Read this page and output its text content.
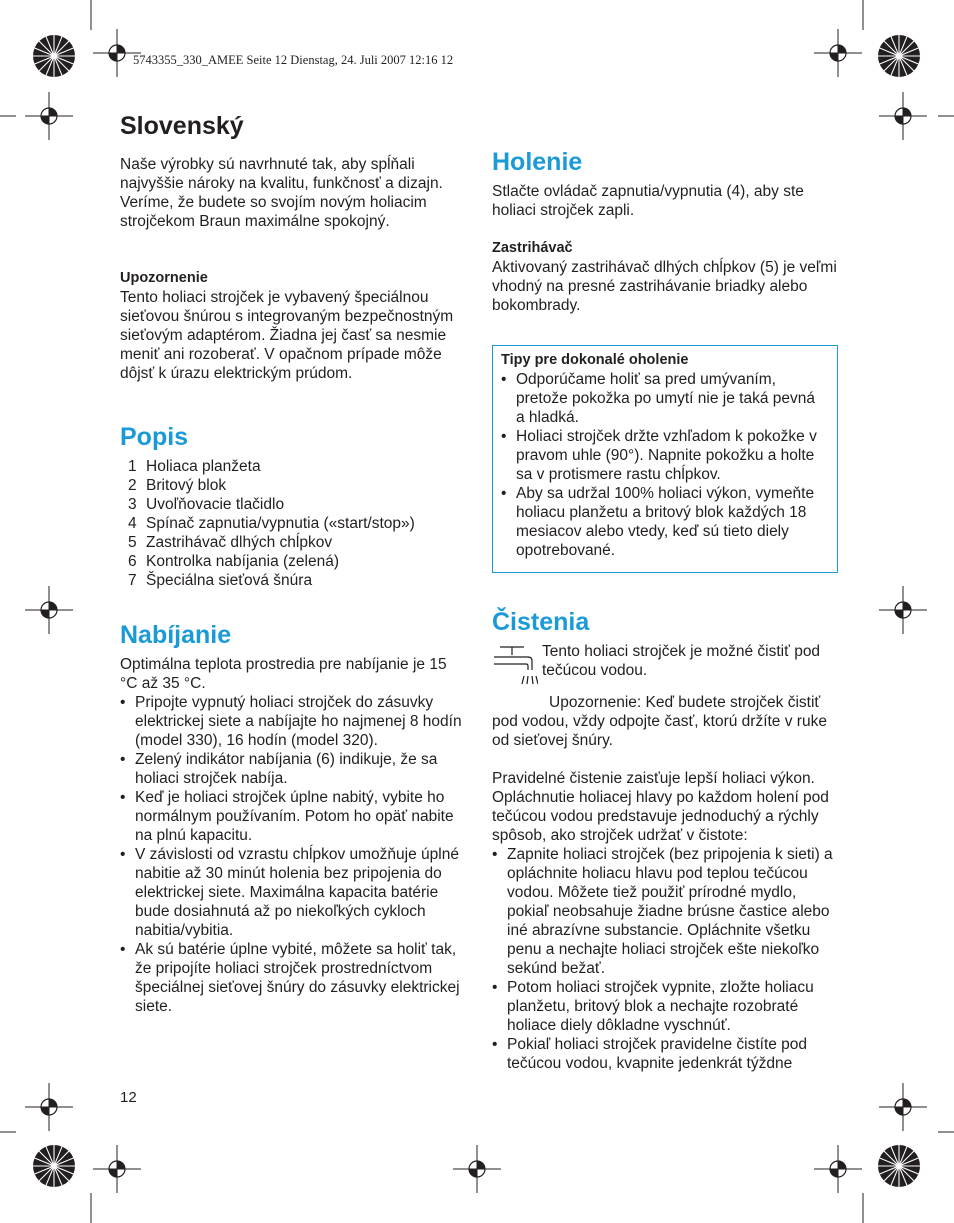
5743355_330_AMEE Seite 12 Dienstag, 24. Juli 2007 12:16 12
Slovenský

Naše výrobky sú navrhnuté tak, aby spĺňali najvyššie nároky na kvalitu, funkčnosť a dizajn. Veríme, že budete so svojím novým holiacim strojčekom Braun maximálne spokojný.

Upozornenie

Tento holiaci strojček je vybavený špeciálnou sieťovou šnúrou s integrovaným bezpečnostným sieťovým adaptérom. Žiadna jej časť sa nesmie meniť ani rozoberať. V opačnom prípade môže dôjsť k úrazu elektrickým prúdom.

Popis
1 Holiaca planžeta
2 Britový blok
3 Uvoľňovacie tlačidlo
4 Spínač zapnutia/vypnutia («start/stop»)
5 Zastrihávač dlhých chĺpkov
6 Kontrolka nabíjania (zelená)
7 Špeciálna sieťová šnúra
Nabíjanie

Optimálna teplota prostredia pre nabíjanie je 15 °C až 35 °C.

• Pripojte vypnutý holiaci strojček do zásuvky elektrickej siete a nabíjajte ho najmenej 8 hodín (model 330), 16 hodín (model 320).
• Zelený indikátor nabíjania (6) indikuje, že sa holiaci strojček nabíja.
• Keď je holiaci strojček úplne nabitý, vybite ho normálnym používaním. Potom ho opäť nabite na plnú kapacitu.
• V závislosti od vzrastu chĺpkov umožňuje úplné nabitie až 30 minút holenia bez pripojenia do elektrickej siete. Maximálna kapacita batérie bude dosiahnutá až po niekoľkých cykloch nabitia/vybitia.
• Ak sú batérie úplne vybité, môžete sa holiť tak, že pripojíte holiaci strojček prostredníctvom špeciálnej sieťovej šnúry do zásuvky elektrickej siete.
Holenie

Stlačte ovládač zapnutia/vypnutia (4), aby ste holiaci strojček zapli.

Zastrihávač

Aktivovaný zastrihávač dlhých chĺpkov (5) je veľmi vhodný na presné zastrihávanie briadky alebo bokombrady.

Tipy pre dokonalé oholenie

• Odporúčame holiť sa pred umývaním, pretože pokožka po umytí nie je taká pevná a hladká.
• Holiaci strojček držte vzhľadom k pokožke v pravom uhle (90°). Napnite pokožku a holte sa v protismere rastu chĺpkov.
• Aby sa udržal 100% holiaci výkon, vymeňte holiacu planžetu a britový blok každých 18 mesiacov alebo vtedy, keď sú tieto diely opotrebované.
Čistenia

Tento holiaci strojček je možné čistiť pod tečúcou vodou.

Upozornenie: Keď budete strojček čistiť pod vodou, vždy odpojte časť, ktorú držíte v ruke od sieťovej šnúry.

Pravidelné čistenie zaisťuje lepší holiaci výkon. Opláchnutie holiacej hlavy po každom holení pod tečúcou vodou predstavuje jednoduchý a rýchly spôsob, ako strojček udržať v čistote:

• Zapnite holiaci strojček (bez pripojenia k sieti) a opláchnite holiacu hlavu pod teplou tečúcou vodou. Môžete tiež použiť prírodné mydlo, pokiaľ neobsahuje žiadne brúsne častice alebo iné abrazívne substancie. Opláchnite všetku penu a nechajte holiaci strojček ešte niekoľko sekúnd bežať.
• Potom holiaci strojček vypnite, zložte holiacu planžetu, britový blok a nechajte rozobraté holiace diely dôkladne vyschnúť.
• Pokiaľ holiaci strojček pravidelne čistíte pod tečúcou vodou, kvapnite jedenkrát týždne
12
